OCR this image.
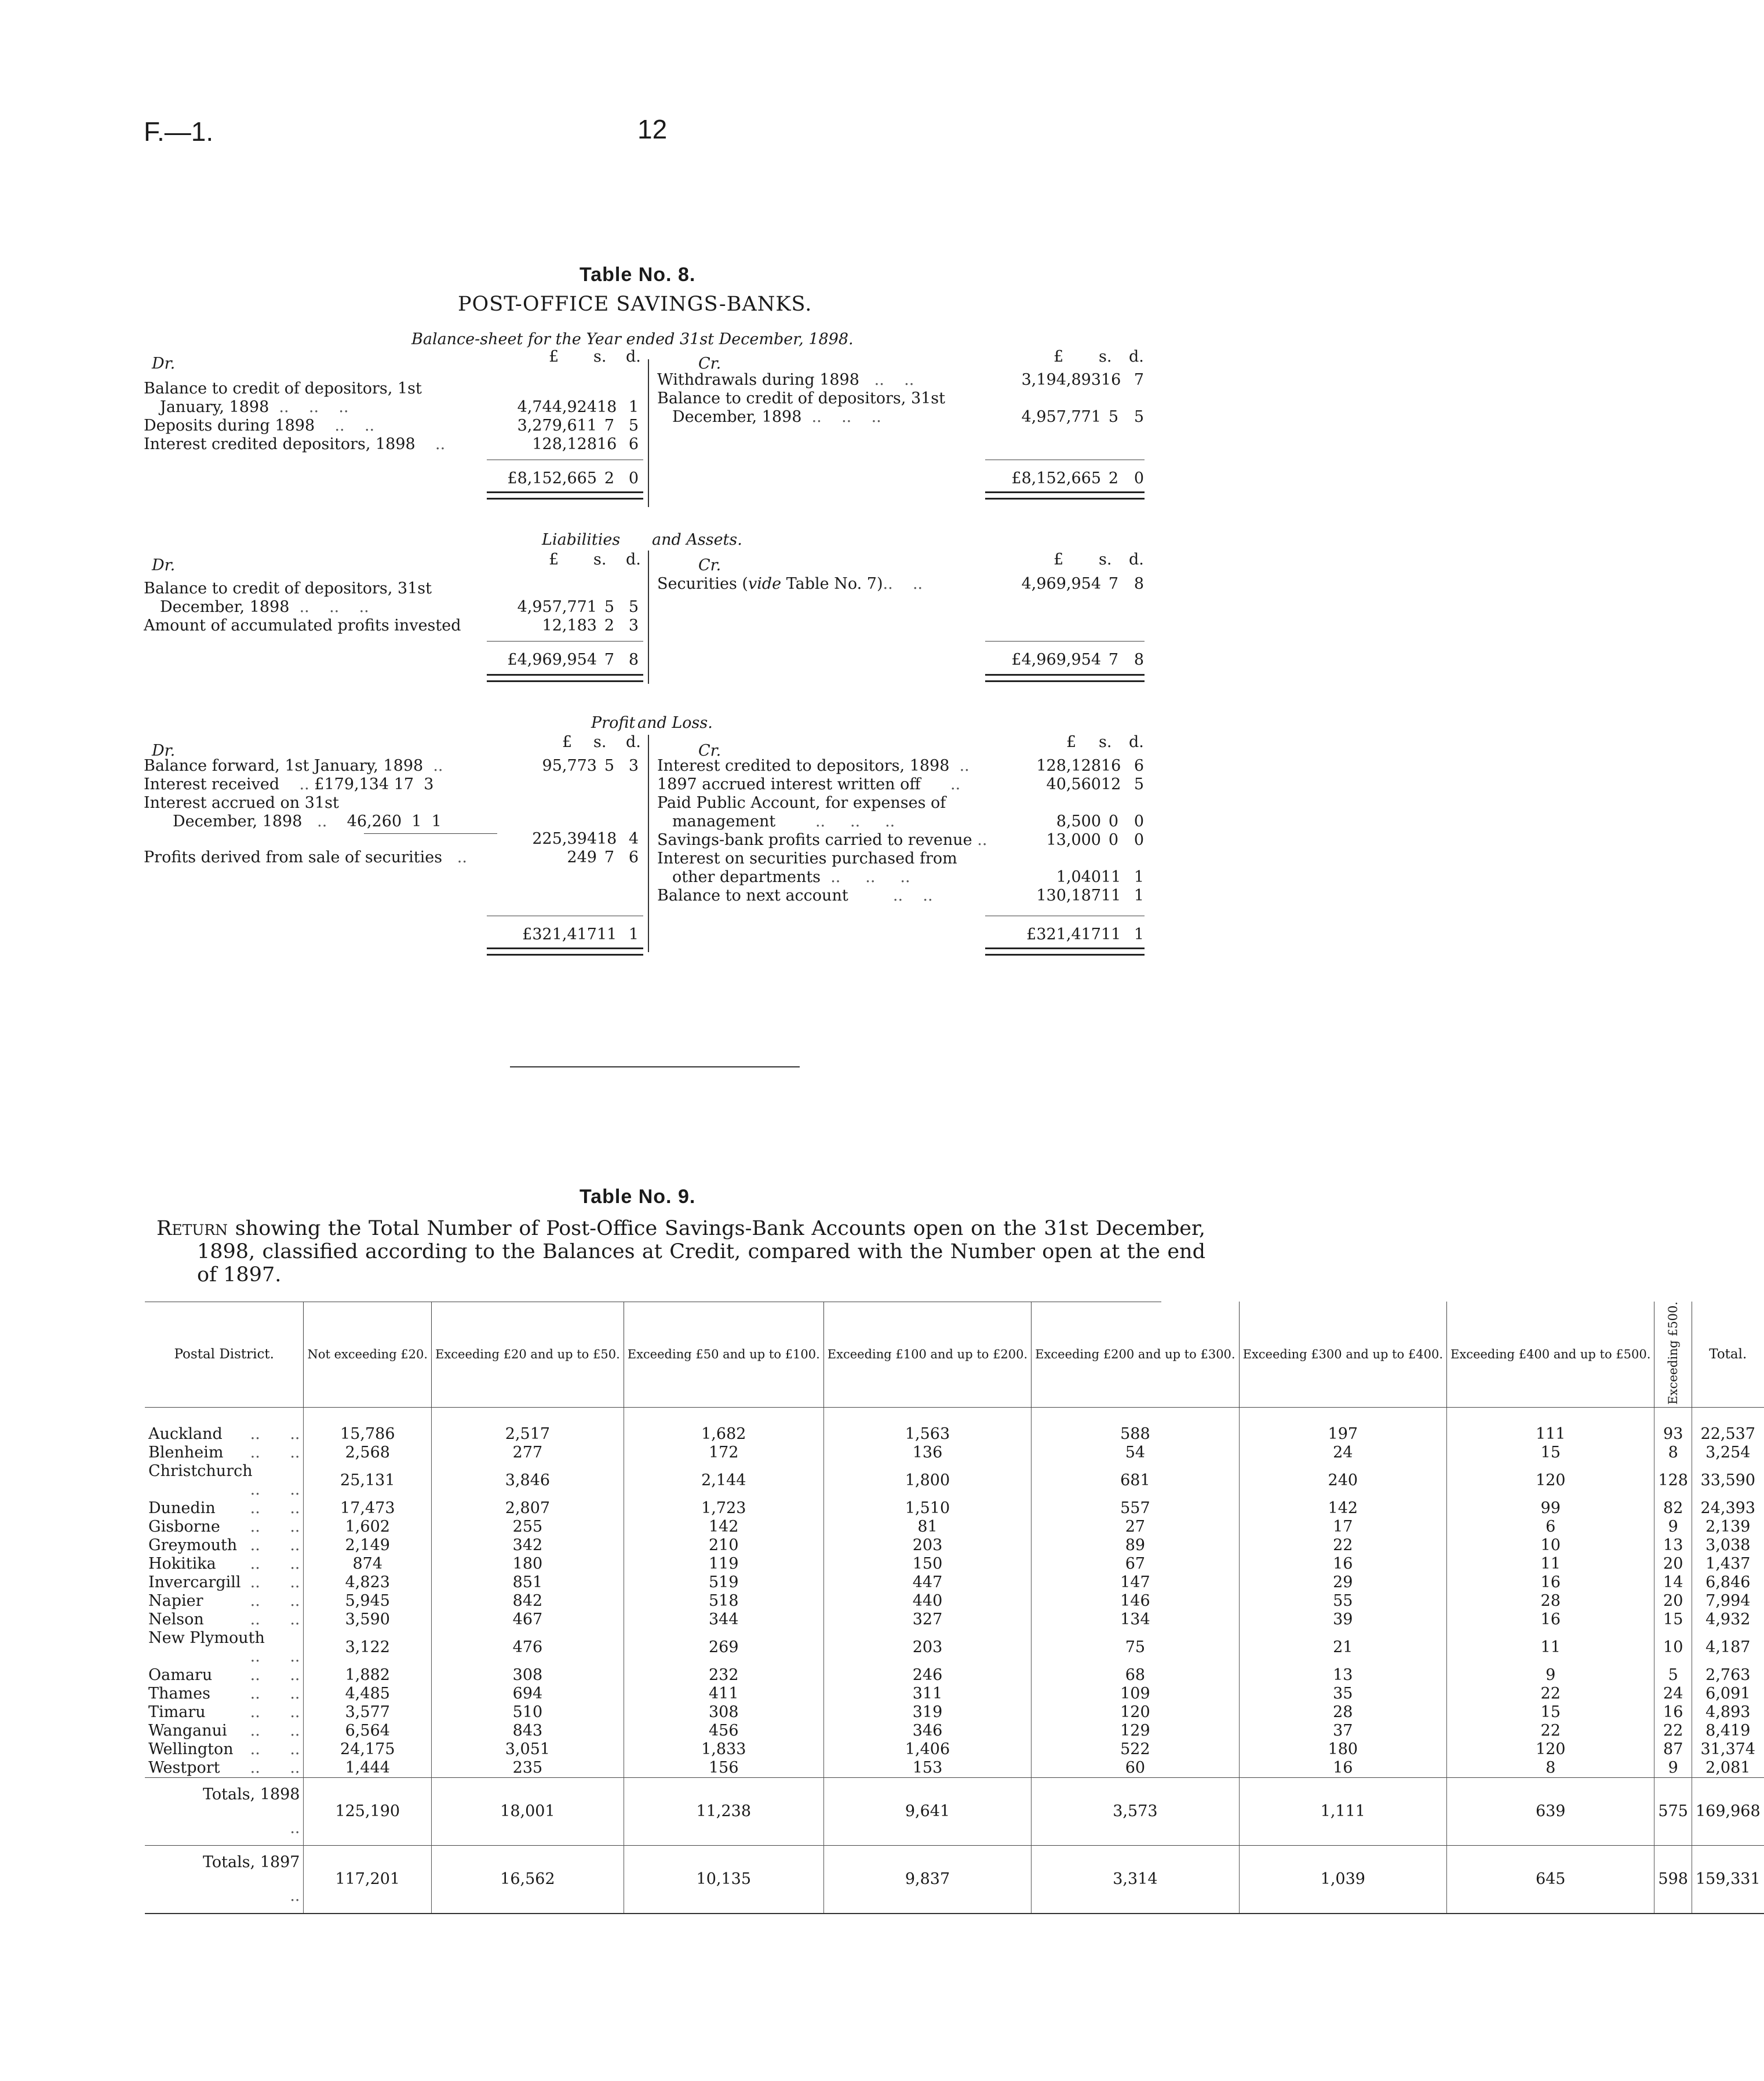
F.—1.	12
Table No. 8.
POST-OFFICE SAVINGS-BANKS.
Balance-sheet for the Year ended 31st December, 1898.
Dr.	£ s. d.
Balance to credit of depositors, 1st
January, 1898  ..    ..    ..	4,744,924 18 1
Deposits during 1898    ..    ..	3,279,611 7 5
Interest credited depositors, 1898    ..	128,128 16 6
£8,152,665 2 0
Cr.	£ s. d.
Withdrawals during 1898   ..    ..	3,194,893 16 7
Balance to credit of depositors, 31st
December, 1898  ..    ..    ..	4,957,771 5 5
£8,152,665 2 0
Liabilities and Assets.
Dr.	£ s. d.
Balance to credit of depositors, 31st
December, 1898  ..    ..    ..	4,957,771 5 5
Amount of accumulated profits invested	12,183 2 3
£4,969,954 7 8
Cr.	£ s. d.
Securities (vide Table No. 7)..    ..	4,969,954 7 8
£4,969,954 7 8
Profit and Loss.
Dr.	£ s. d.
Balance forward, 1st January, 1898  ..	95,773 5 3
Interest received    .. £179,134 17  3
Interest accrued on 31st
December, 1898   ..    46,260  1  1
225,394 18 4
Profits derived from sale of securities   ..	249 7 6
£321,417 11 1
Cr.	£ s. d.
Interest credited to depositors, 1898  ..	128,128 16 6
1897 accrued interest written off      ..	40,560 12 5
Paid Public Account, for expenses of
management        ..     ..     ..	8,500 0 0
Savings-bank profits carried to revenue ..	13,000 0 0
Interest on securities purchased from
other departments  ..     ..     ..	1,040 11 1
Balance to next account         ..    ..	130,187 11 1
£321,417 11 1
Table No. 9.
Return showing the Total Number of Post-Office Savings-Bank Accounts open on the 31st December, 1898, classified according to the Balances at Credit, compared with the Number open at the end of 1897.
Postal District.	Not exceeding £20.	Exceeding £20 and up to £50.	Exceeding £50 and up to £100.	Exceeding £100 and up to £200.	Exceeding £200 and up to £300.	Exceeding £300 and up to £400.	Exceeding £400 and up to £500.	Exceeding £500.	Total.
Auckland ..      ..	15,786	2,517	1,682	1,563	588	197	111	93	22,537
Blenheim ..      ..	2,568	277	172	136	54	24	15	8	3,254
Christchurch
..      ..	25,131	3,846	2,144	1,800	681	240	120	128	33,590
Dunedin ..      ..	17,473	2,807	1,723	1,510	557	142	99	82	24,393
Gisborne ..      ..	1,602	255	142	81	27	17	6	9	2,139
Greymouth ..      ..	2,149	342	210	203	89	22	10	13	3,038
Hokitika ..      ..	874	180	119	150	67	16	11	20	1,437
Invercargill ..      ..	4,823	851	519	447	147	29	16	14	6,846
Napier ..      ..	5,945	842	518	440	146	55	28	20	7,994
Nelson ..      ..	3,590	467	344	327	134	39	16	15	4,932
New Plymouth
..      ..	3,122	476	269	203	75	21	11	10	4,187
Oamaru ..      ..	1,882	308	232	246	68	13	9	5	2,763
Thames ..      ..	4,485	694	411	311	109	35	22	24	6,091
Timaru ..      ..	3,577	510	308	319	120	28	15	16	4,893
Wanganui ..      ..	6,564	843	456	346	129	37	22	22	8,419
Wellington ..      ..	24,175	3,051	1,833	1,406	522	180	120	87	31,374
Westport ..      ..	1,444	235	156	153	60	16	8	9	2,081
Totals, 1898
..	125,190	18,001	11,238	9,641	3,573	1,111	639	575	169,968
Totals, 1897
..	117,201	16,562	10,135	9,837	3,314	1,039	645	598	159,331
